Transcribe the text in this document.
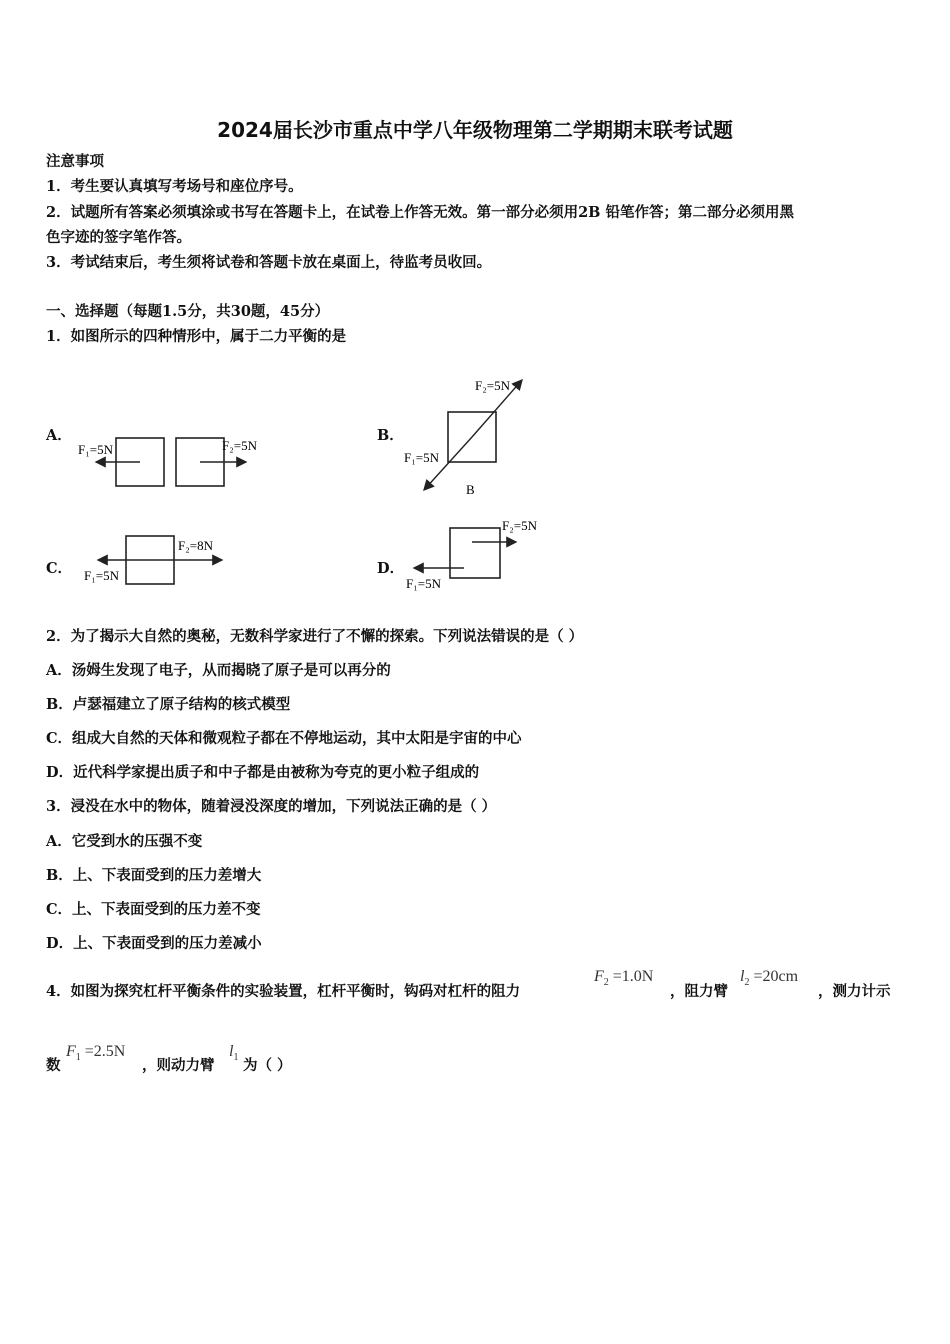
2024届长沙市重点中学八年级物理第二学期期末联考试题
注意事项
1．考生要认真填写考场号和座位序号。
2．试题所有答案必须填涂或书写在答题卡上，在试卷上作答无效。第一部分必须用2B 铅笔作答；第二部分必须用黑
色字迹的签字笔作答。
3．考试结束后，考生须将试卷和答题卡放在桌面上，待监考员收回。
一、选择题（每题1.5分，共30题，45分）
1．如图所示的四种情形中，属于二力平衡的是
A．	B．
C．	D．
F₁=5N	F₂=5N
F₂=5N
F₁=5N
B
F₂=8N
F₁=5N
F₂=5N
F₁=5N
2．为了揭示大自然的奥秘，无数科学家进行了不懈的探索。下列说法错误的是（ ）
A．汤姆生发现了电子，从而揭晓了原子是可以再分的
B．卢瑟福建立了原子结构的核式模型
C．组成大自然的天体和微观粒子都在不停地运动，其中太阳是宇宙的中心
D．近代科学家提出质子和中子都是由被称为夸克的更小粒子组成的
3．浸没在水中的物体，随着浸没深度的增加，下列说法正确的是（ ）
A．它受到水的压强不变
B．上、下表面受到的压力差增大
C．上、下表面受到的压力差不变
D．上、下表面受到的压力差减小
4．如图为探究杠杆平衡条件的实验装置，杠杆平衡时，钩码对杠杆的阻力
$F_2 =1.0N$
，阻力臂
$l_2 =20cm$
，测力计示
数
$F_1 =2.5N$
，则动力臂
$l_1$ 为（ ）
